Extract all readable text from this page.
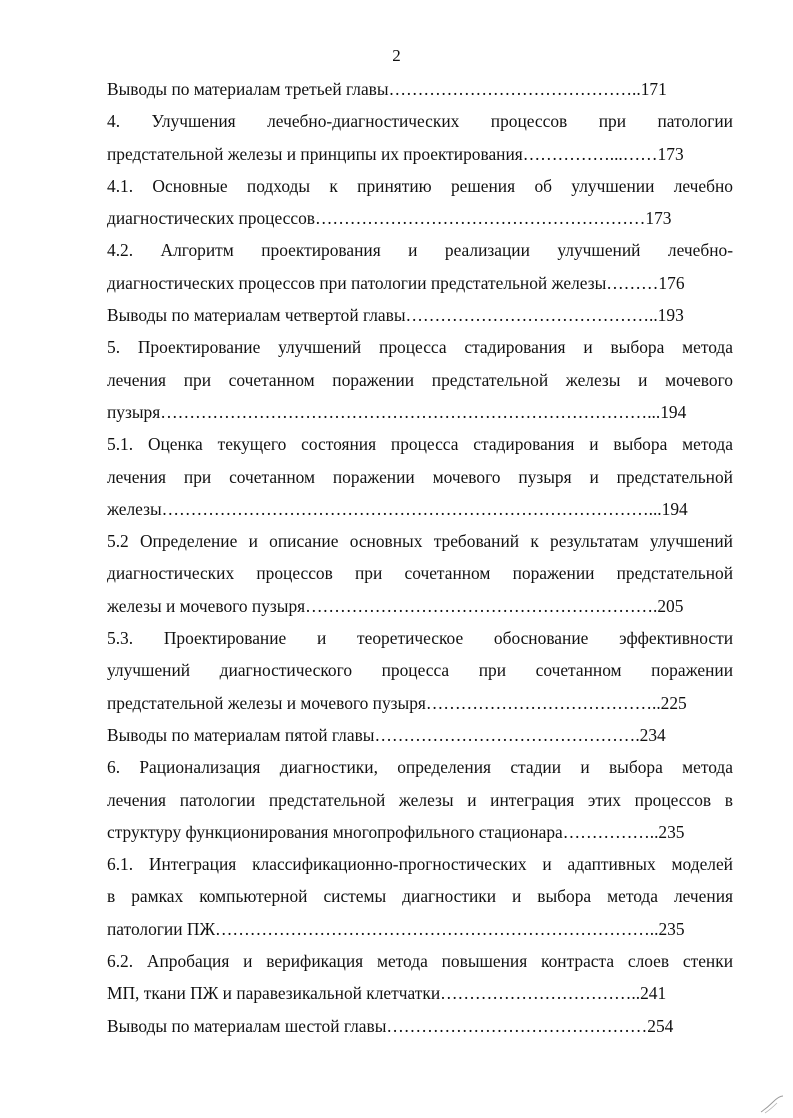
2
Выводы по материалам третьей главы……………………………………..171
4. Улучшения лечебно-диагностических процессов при патологии
предстательной железы и принципы их проектирования……………...……173
4.1. Основные подходы к принятию решения об улучшении лечебно
диагностических процессов…………………………………………………173
4.2. Алгоритм проектирования и реализации улучшений лечебно-
диагностических процессов при патологии предстательной железы………176
Выводы по материалам четвертой главы……………………………………..193
5. Проектирование улучшений процесса стадирования и выбора метода
лечения при сочетанном поражении предстательной железы и мочевого
пузыря…………………………………………………………………………...194
5.1. Оценка текущего состояния процесса стадирования и выбора метода
лечения при сочетанном поражении мочевого пузыря и предстательной
железы…………………………………………………………………………...194
5.2 Определение и описание основных требований к результатам улучшений
диагностических процессов при сочетанном поражении предстательной
железы и мочевого пузыря…………………………………………………….205
5.3. Проектирование и теоретическое обоснование эффективности
улучшений диагностического процесса при сочетанном поражении
предстательной железы и мочевого пузыря…………………………………..225
Выводы по материалам пятой главы……………………………………….234
6. Рационализация диагностики, определения стадии и выбора метода
лечения патологии предстательной железы и интеграция этих процессов в
структуру функционирования многопрофильного стационара……………..235
6.1. Интеграция классификационно-прогностических и адаптивных моделей
в рамках компьютерной системы диагностики и выбора метода лечения
патологии ПЖ…………………………………………………………………..235
6.2. Апробация и верификация метода повышения контраста слоев стенки
МП, ткани ПЖ и паравезикальной клетчатки……………………………..241
Выводы по материалам шестой главы………………………………………254
